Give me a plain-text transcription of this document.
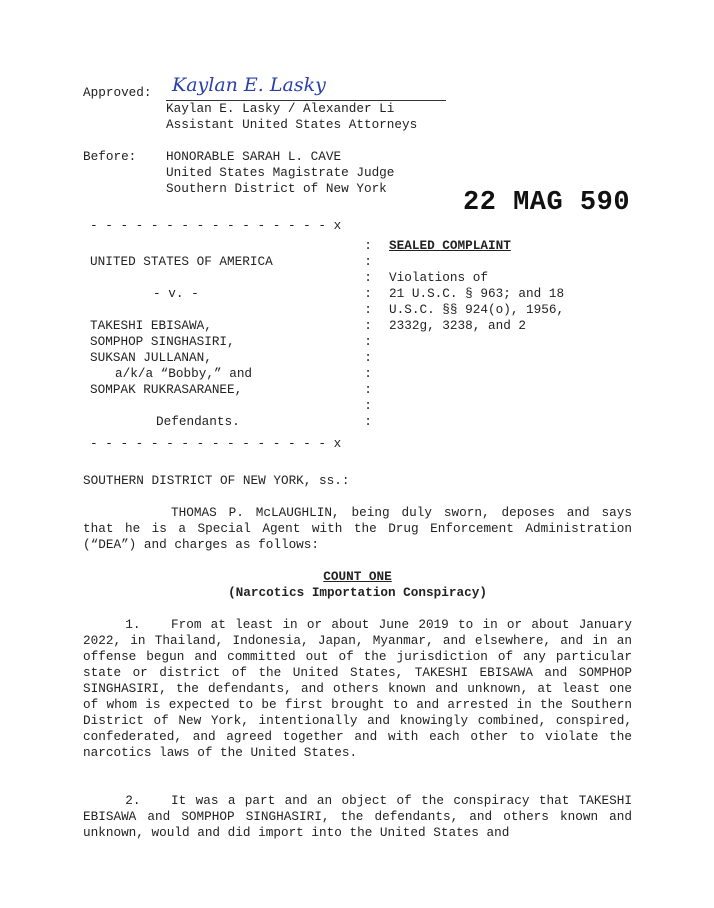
Approved: Kaylan E. Lasky
Kaylan E. Lasky / Alexander Li
Assistant United States Attorneys
Before: HONORABLE SARAH L. CAVE
United States Magistrate Judge
Southern District of New York	22 MAG 590
- - - - - - - - - - - - - - - - x
:
:
:
:
:
:
:
:
:
:
:
:
SEALED COMPLAINT
UNITED STATES OF AMERICA
Violations of
- v. -	21 U.S.C. § 963; and 18
U.S.C. §§ 924(o), 1956,
2332g, 3238, and 2
TAKESHI EBISAWA,
SOMPHOP SINGHASIRI,
SUKSAN JULLANAN,
a/k/a “Bobby,” and
SOMPAK RUKRASARANEE,
Defendants.
- - - - - - - - - - - - - - - - x
SOUTHERN DISTRICT OF NEW YORK, ss.:
THOMAS P. McLAUGHLIN, being duly sworn, deposes and says that he is a Special Agent with the Drug Enforcement Administration (“DEA”) and charges as follows:
COUNT ONE
(Narcotics Importation Conspiracy)
1. From at least in or about June 2019 to in or about January 2022, in Thailand, Indonesia, Japan, Myanmar, and elsewhere, and in an offense begun and committed out of the jurisdiction of any particular state or district of the United States, TAKESHI EBISAWA and SOMPHOP SINGHASIRI, the defendants, and others known and unknown, at least one of whom is expected to be first brought to and arrested in the Southern District of New York, intentionally and knowingly combined, conspired, confederated, and agreed together and with each other to violate the narcotics laws of the United States.
2. It was a part and an object of the conspiracy that TAKESHI EBISAWA and SOMPHOP SINGHASIRI, the defendants, and others known and unknown, would and did import into the United States and
